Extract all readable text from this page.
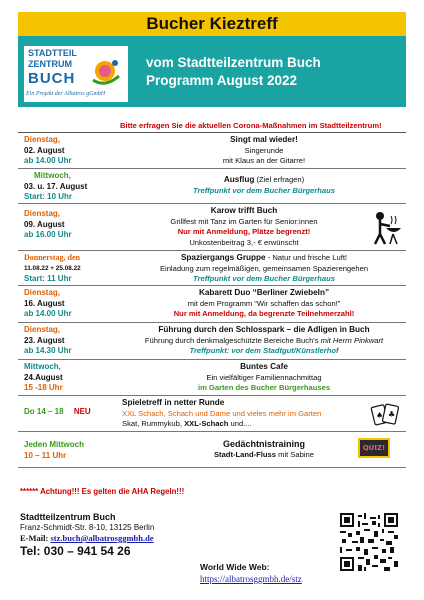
Bucher Kieztreff
STADTTEIL
ZENTRUM
BUCH
Ein Projekt der Albatros gGmbH
vom Stadtteilzentrum Buch
Programm August 2022
Bitte erfragen Sie die aktuellen Corona-Maßnahmen im Stadtteilzentrum!
Dienstag,
02. August
ab 14.00 Uhr
Singt mal wieder!
Singerunde
mit Klaus an der Gitarre!
Mittwoch,
03. u. 17. August
Start: 10 Uhr
Ausflug (Ziel erfragen)
Treffpunkt vor dem Bucher Bürgerhaus
Dienstag,
09. August
ab 16.00 Uhr
Karow trifft Buch
Grillfest mit Tanz im Garten für Senior:innen
Nur mit Anmeldung, Plätze begrenzt!
Unkostenbeitrag 3,- € erwünscht
Donnerstag, den
11.08.22 + 25.08.22
Start: 11 Uhr
Spaziergangs Gruppe - Natur und frische Luft!
Einladung zum regelmäßigen, gemeinsamen Spazierengehen
Treffpunkt vor dem Bucher Bürgerhaus
Dienstag,
16. August
ab 14.00 Uhr
Kabarett Duo “Berliner Zwiebeln”
mit dem Programm “Wir schaffen das schon!”
Nur mit Anmeldung, da begrenzte Teilnehmerzahl!
Dienstag,
23. August
ab 14.30 Uhr
Führung durch den Schlosspark – die Adligen in Buch
Führung durch denkmalgeschützte Bereiche Buch's mit Herrn Pinkwart
Treffpunkt: vor dem Stadtgut/Künstlerhof
Mittwoch,
24.August
15 -18 Uhr
Buntes Cafe
Ein vielfältiger Familiennachmittag
im Garten des Bucher Bürgerhauses
Do 14 – 18 NEU
Spieletreff in netter Runde
XXL Schach, Schach und Dame und vieles mehr im Garten
Skat, Rummykub, XXL-Schach und....
♠ ♣
Jeden Mittwoch
10 – 11 Uhr
Gedächtnistraining
Stadt-Land-Fluss mit Sabine
QUIZ!
****** Achtung!!! Es gelten die AHA Regeln!!!
Stadtteilzentrum Buch
Franz-Schmidt-Str. 8-10, 13125 Berlin
E-Mail: stz.buch@albatrosggmbh.de
Tel: 030 – 941 54 26
World Wide Web:
https://albatrosggmbh.de/stz
